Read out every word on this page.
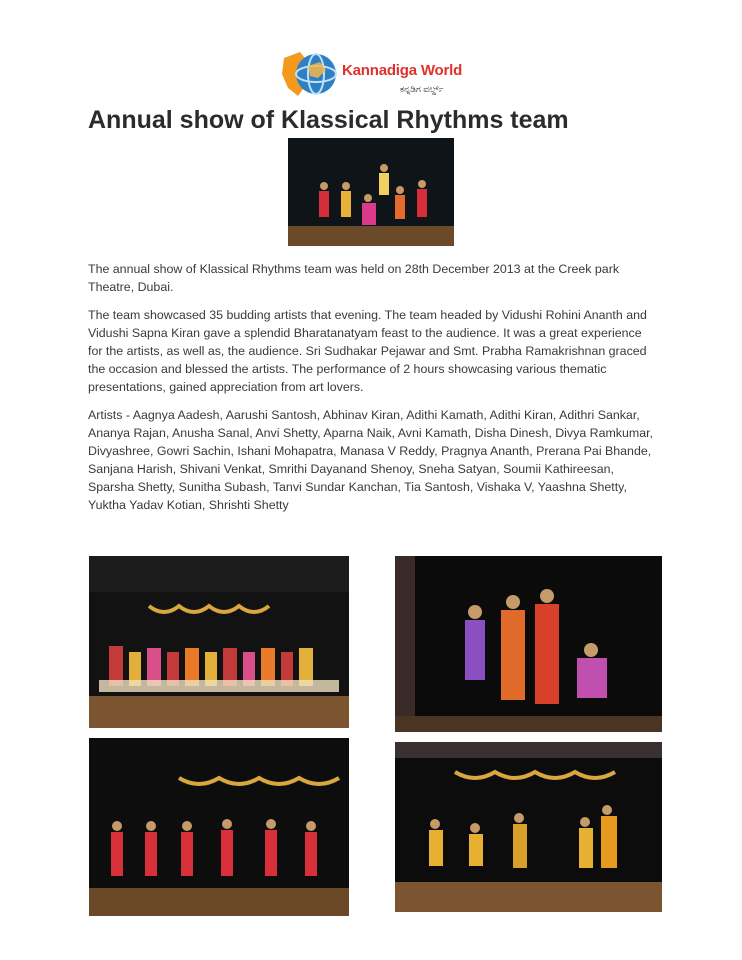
Kannadiga World
ಕನ್ನಡಿಗ ವರ್ಲ್ಡ್
Annual show of Klassical Rhythms team

The annual show of Klassical Rhythms team was held on 28th December 2013 at the Creek park Theatre, Dubai.

The team showcased 35 budding artists that evening. The team headed by Vidushi Rohini Ananth and Vidushi Sapna Kiran gave a splendid Bharatanatyam feast to the audience. It was a great experience for the artists, as well as, the audience. Sri Sudhakar Pejawar and Smt. Prabha Ramakrishnan graced the occasion and blessed the artists. The performance of 2 hours showcasing various thematic presentations, gained appreciation from art lovers.

Artists - Aagnya Aadesh, Aarushi Santosh, Abhinav Kiran, Adithi Kamath, Adithi Kiran, Adithri Sankar, Ananya Rajan, Anusha Sanal, Anvi Shetty, Aparna Naik, Avni Kamath, Disha Dinesh, Divya Ramkumar, Divyashree, Gowri Sachin, Ishani Mohapatra, Manasa V Reddy, Pragnya Ananth, Prerana Pai Bhande, Sanjana Harish, Shivani Venkat, Smrithi Dayanand Shenoy, Sneha Satyan, Soumii Kathireesan, Sparsha Shetty, Sunitha Subash, Tanvi Sundar Kanchan, Tia Santosh, Vishaka V, Yaashna Shetty, Yuktha Yadav Kotian, Shrishti Shetty
